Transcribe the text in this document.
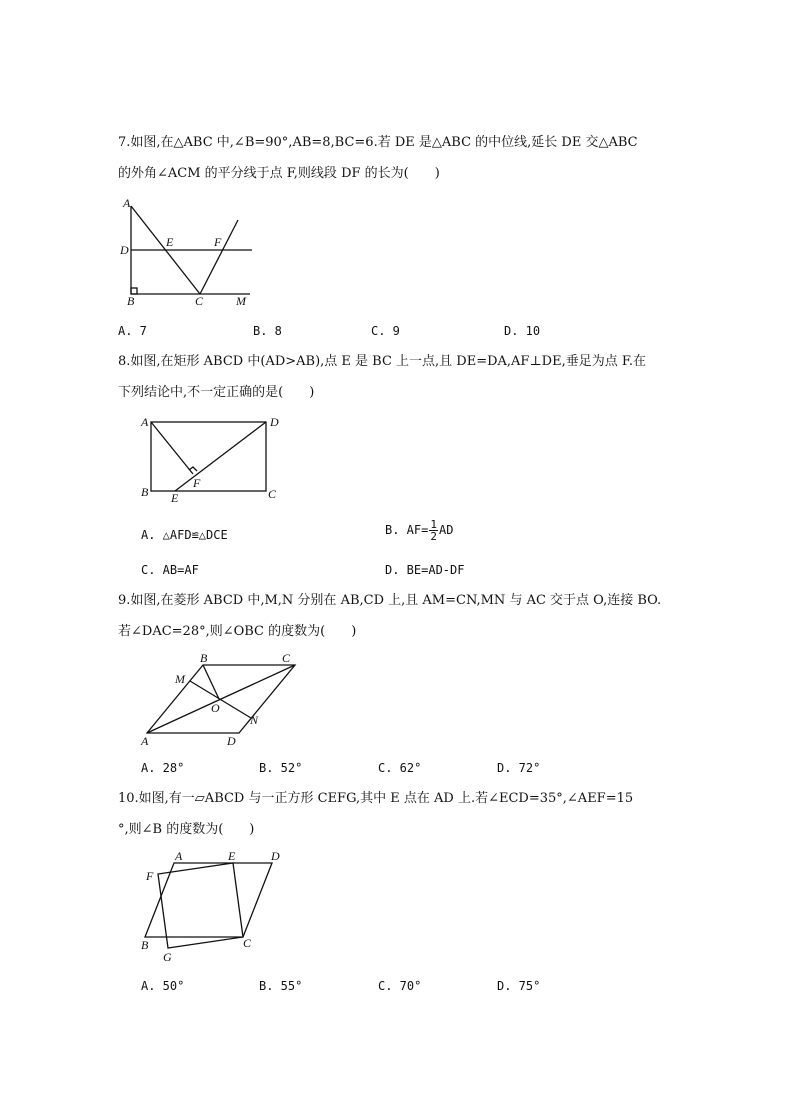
7.如图,在△ABC 中,∠B=90°,AB=8,BC=6.若 DE 是△ABC 的中位线,延长 DE 交△ABC
的外角∠ACM 的平分线于点 F,则线段 DF 的长为(　　)
A
D
E	F
B	C	M
A. 7	B. 8	C. 9	D. 10
8.如图,在矩形 ABCD 中(AD>AB),点 E 是 BC 上一点,且 DE=DA,AF⊥DE,垂足为点 F.在
下列结论中,不一定正确的是(　　)
A	D
F
B E	C
A. △AFD≌△DCE	B. $AF= \frac{1}{2}$ AD
C. AB=AF	D. BE=AD-DF
9.如图,在菱形 ABCD 中,M,N 分别在 AB,CD 上,且 AM=CN,MN 与 AC 交于点 O,连接 BO.
若∠DAC=28°,则∠OBC 的度数为(　　)
B	C
M
O
N
A	D
A. 28°	B. 52°	C. 62°	D. 72°
10.如图,有一▱ABCD 与一正方形 CEFG,其中 E 点在 AD 上.若∠ECD=35°,∠AEF=15
°,则∠B 的度数为(　　)
F
A	E	D
B
G
C
A. 50°	B. 55°	C. 70°	D. 75°
